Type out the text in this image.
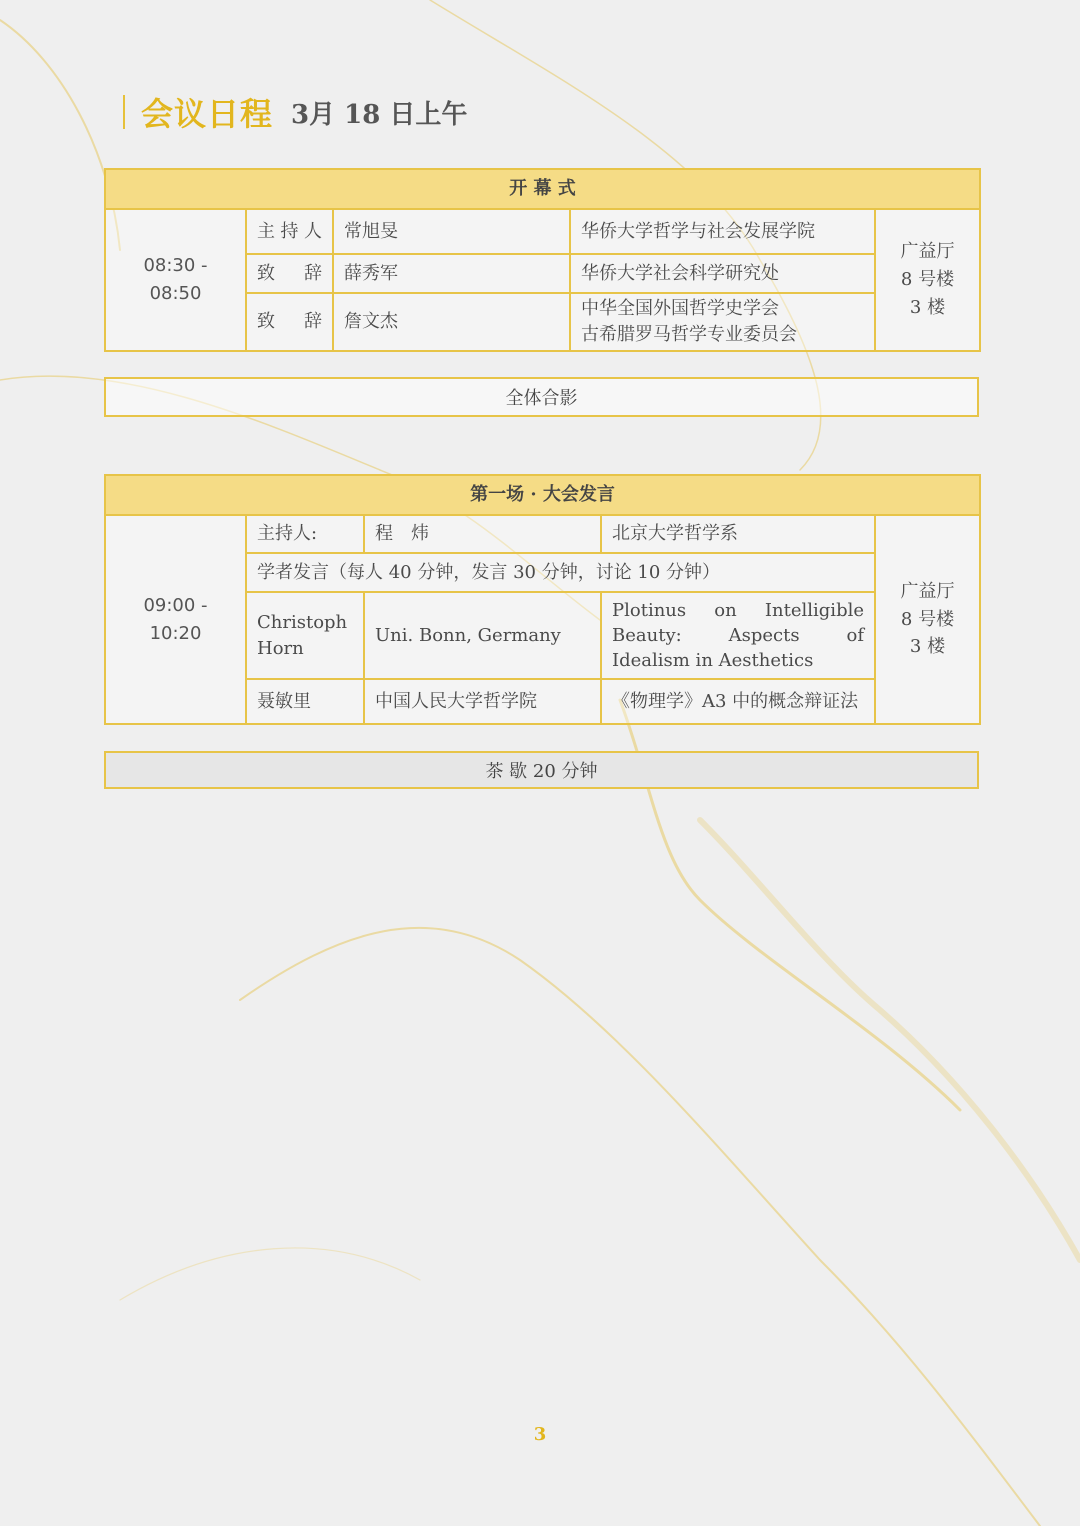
会议日程 3月 18 日上午
开 幕 式				
08:30 - 08:50	主持人	常旭旻	华侨大学哲学与社会发展学院	广益厅
8 号楼
3 楼

	致　辞	薛秀军	华侨大学社会科学研究处	
	致　辞	詹文杰	中华全国外国哲学史学会
古希腊罗马哲学专业委员会	
全体合影
第一场 · 大会发言				
09:00 - 10:20	主持人:	程　炜	北京大学哲学系	广益厅
8 号楼
3 楼

	学者发言（每人 40 分钟，发言 30 分钟，讨论 10 分钟）			
	Christoph Horn	Uni. Bonn, Germany	Plotinus on Intelligible Beauty: Aspects of Idealism in Aesthetics	
	聂敏里	中国人民大学哲学院	《物理学》A3 中的概念辩证法	
茶 歇 20 分钟
3
